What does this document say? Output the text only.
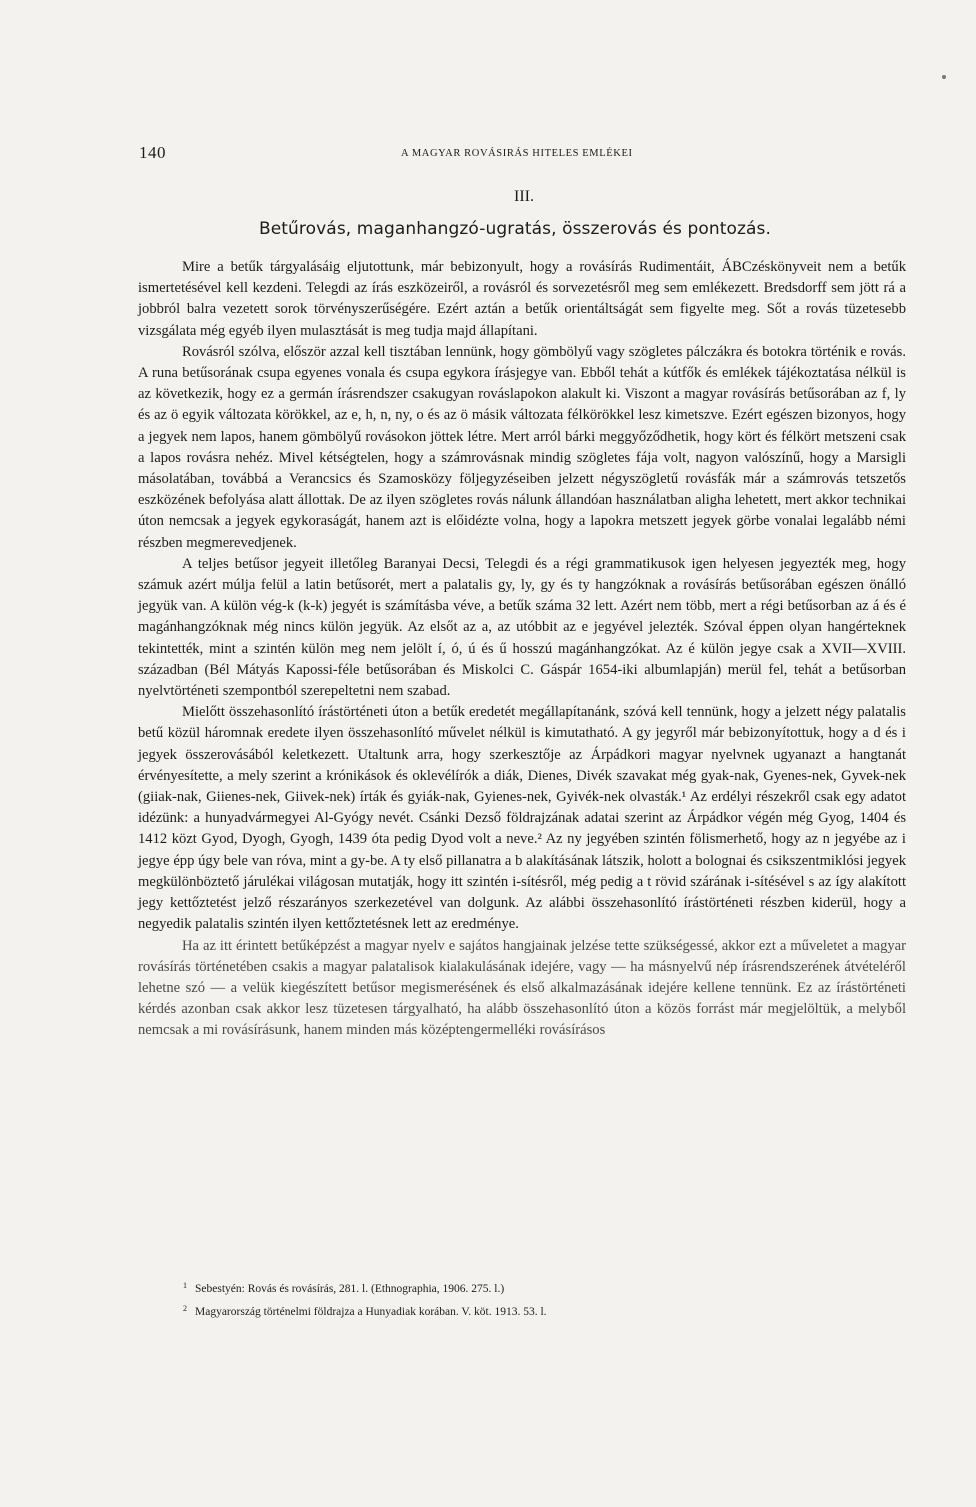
140	A MAGYAR ROVÁSIRÁS HITELES EMLÉKEI
III.
Betűrovás, maganhangzó-ugratás, összerovás és pontozás.

Mire a betűk tárgyalásáig eljutottunk, már bebizonyult, hogy a rovásírás Rudimentáit, ÁBCzéskönyveit nem a betűk ismertetésével kell kezdeni. Telegdi az írás eszközeiről, a rovásról és sorvezetésről meg sem emlékezett. Bredsdorff sem jött rá a jobbról balra vezetett sorok törvényszerűségére. Ezért aztán a betűk orientáltságát sem figyelte meg. Sőt a rovás tüzetesebb vizsgálata még egyéb ilyen mulasztását is meg tudja majd állapítani.

Rovásról szólva, először azzal kell tisztában lennünk, hogy gömbölyű vagy szögletes pálczákra és botokra történik e rovás. A runa betűsorának csupa egyenes vonala és csupa egykora írásjegye van. Ebből tehát a kútfők és emlékek tájékoztatása nélkül is az következik, hogy ez a germán írásrendszer csakugyan rováslapokon alakult ki. Viszont a magyar rovásírás betűsorában az f, ly és az ö egyik változata körökkel, az e, h, n, ny, o és az ö másik változata félkörökkel lesz kimetszve. Ezért egészen bizonyos, hogy a jegyek nem lapos, hanem gömbölyű rovásokon jöttek létre. Mert arról bárki meggyőződhetik, hogy kört és félkört metszeni csak a lapos rovásra nehéz. Mivel kétségtelen, hogy a számrovásnak mindig szögletes fája volt, nagyon valószínű, hogy a Marsigli másolatában, továbbá a Verancsics és Szamosközy följegyzéseiben jelzett négyszögletű rovásfák már a számrovás tetszetős eszközének befolyása alatt állottak. De az ilyen szögletes rovás nálunk állandóan használatban aligha lehetett, mert akkor technikai úton nemcsak a jegyek egykoraságát, hanem azt is előidézte volna, hogy a lapokra metszett jegyek görbe vonalai legalább némi részben megmerevedjenek.

A teljes betűsor jegyeit illetőleg Baranyai Decsi, Telegdi és a régi grammatikusok igen helyesen jegyezték meg, hogy számuk azért múlja felül a latin betűsorét, mert a palatalis gy, ly, gy és ty hangzóknak a rovásírás betűsorában egészen önálló jegyük van. A külön vég-k (k-k) jegyét is számításba véve, a betűk száma 32 lett. Azért nem több, mert a régi betűsorban az á és é magánhangzóknak még nincs külön jegyük. Az elsőt az a, az utóbbit az e jegyével jelezték. Szóval éppen olyan hangérteknek tekintették, mint a szintén külön meg nem jelölt í, ó, ú és ű hosszú magánhangzókat. Az é külön jegye csak a XVII—XVIII. században (Bél Mátyás Kapossi-féle betűsorában és Miskolci C. Gáspár 1654-iki albumlapján) merül fel, tehát a betűsorban nyelvtörténeti szempontból szerepeltetni nem szabad.

Mielőtt összehasonlító írástörténeti úton a betűk eredetét megállapítanánk, szóvá kell tennünk, hogy a jelzett négy palatalis betű közül háromnak eredete ilyen összehasonlító művelet nélkül is kimutatható. A gy jegyről már bebizonyítottuk, hogy a d és i jegyek összerovásából keletkezett. Utaltunk arra, hogy szerkesztője az Árpádkori magyar nyelvnek ugyanazt a hangtanát érvényesítette, a mely szerint a krónikások és oklevélírók a diák, Dienes, Divék szavakat még gyak-nak, Gyenes-nek, Gyvek-nek (giiak-nak, Giienes-nek, Giivek-nek) írták és gyiák-nak, Gyienes-nek, Gyivék-nek olvasták.¹ Az erdélyi részekről csak egy adatot idézünk: a hunyadvármegyei Al-Gyógy nevét. Csánki Dezső földrajzának adatai szerint az Árpádkor végén még Gyog, 1404 és 1412 közt Gyod, Dyogh, Gyogh, 1439 óta pedig Dyod volt a neve.² Az ny jegyében szintén fölismerhető, hogy az n jegyébe az i jegye épp úgy bele van róva, mint a gy-be. A ty első pillanatra a b alakításának látszik, holott a bolognai és csikszentmiklósi jegyek megkülönböztető járulékai világosan mutatják, hogy itt szintén i-sítésről, még pedig a t rövid szárának i-sítésével s az így alakított jegy kettőztetést jelző részarányos szerkezetével van dolgunk. Az alábbi összehasonlító írástörténeti részben kiderül, hogy a negyedik palatalis szintén ilyen kettőztetésnek lett az eredménye.

Ha az itt érintett betűképzést a magyar nyelv e sajátos hangjainak jelzése tette szükségessé, akkor ezt a műveletet a magyar rovásírás történetében csakis a magyar palatalisok kialakulásának idejére, vagy — ha másnyelvű nép írásrendszerének átvételéről lehetne szó — a velük kiegészített betűsor megismerésének és első alkalmazásának idejére kellene tennünk. Ez az írástörténeti kérdés azonban csak akkor lesz tüzetesen tárgyalható, ha alább összehasonlító úton a közös forrást már megjelöltük, a melyből nemcsak a mi rovásírásunk, hanem minden más középtengermelléki rovásírásos

$^1$ Sebestyén: Rovás és rovásírás, 281. l. (Ethnographia, 1906. 275. l.)

$^2$ Magyarország történelmi földrajza a Hunyadiak korában. V. köt. 1913. 53. l.
